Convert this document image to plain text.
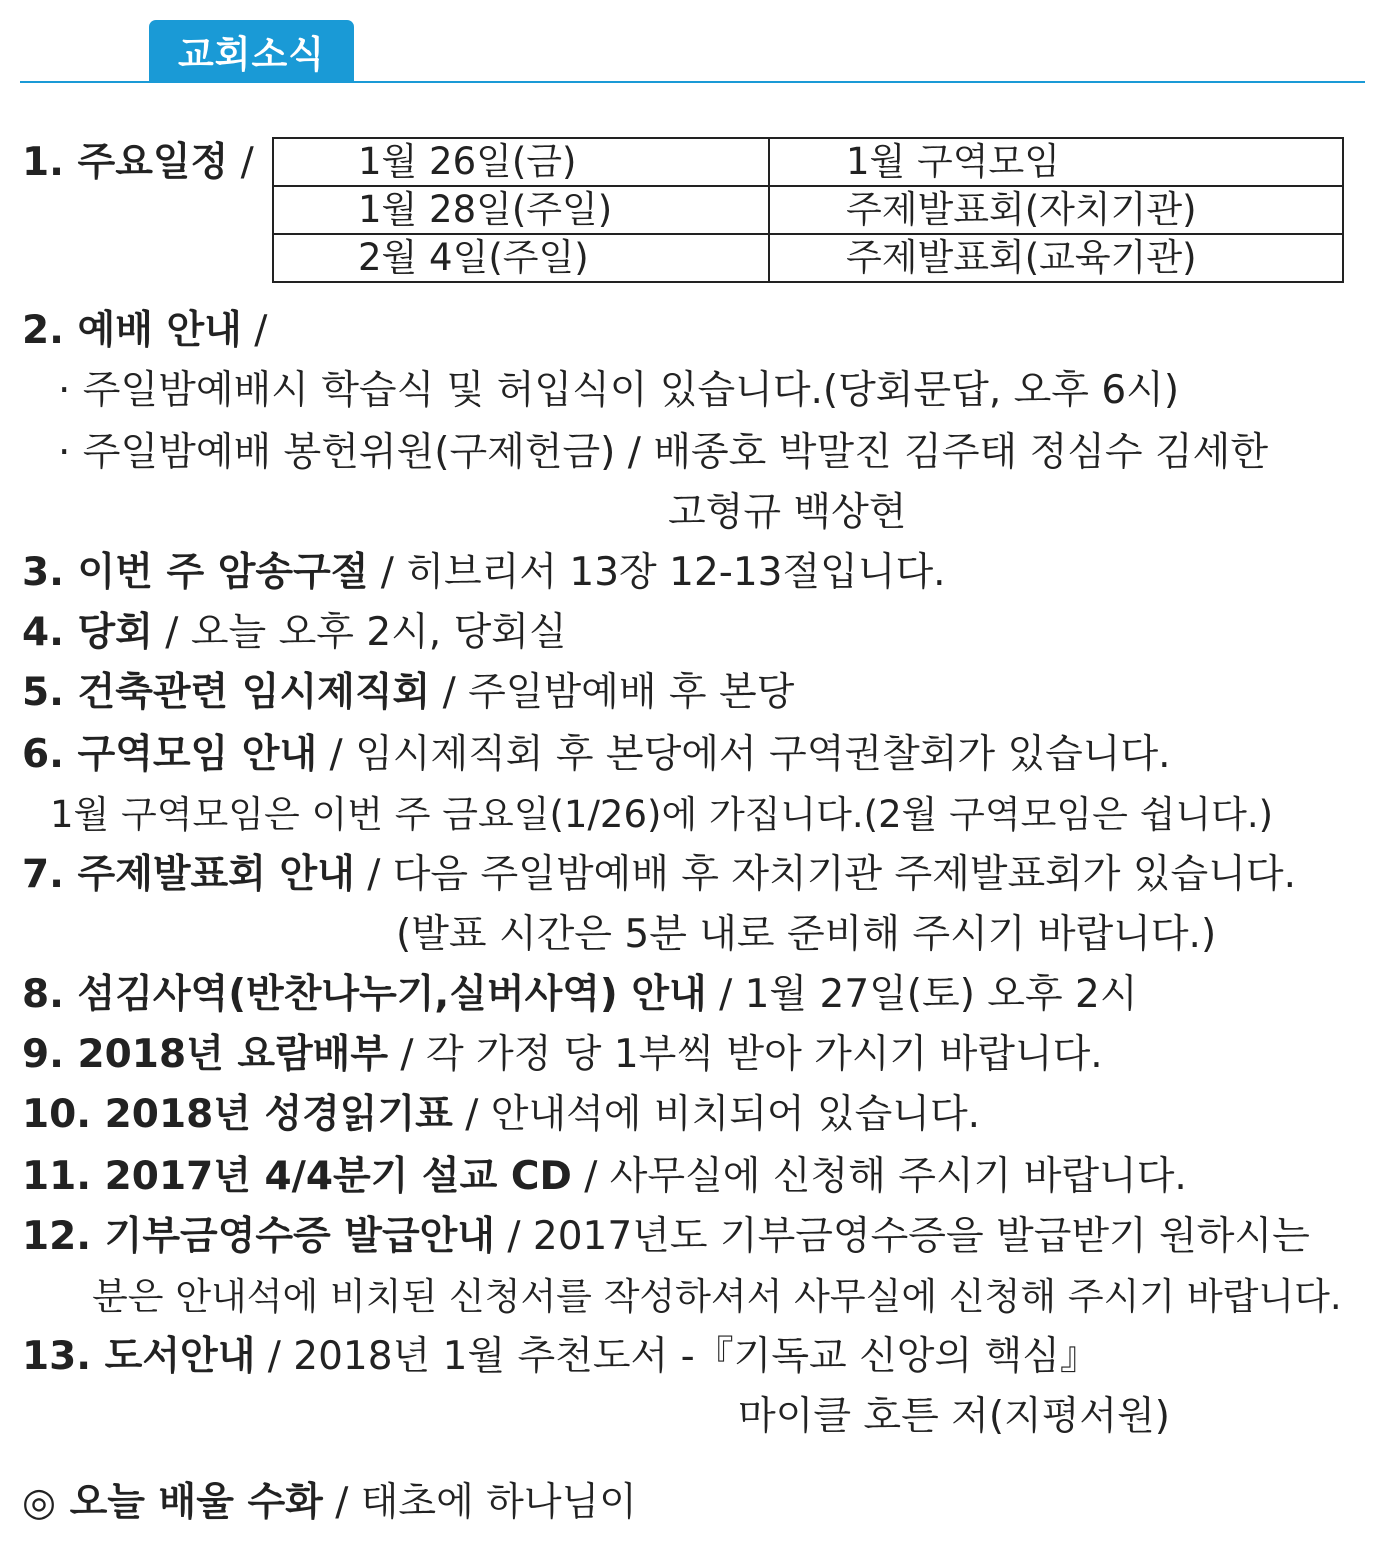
교회소식
1. 주요일정 /	1월 26일(금)	1월 구역모임
1월 28일(주일)	주제발표회(자치기관)
2월 4일(주일)	주제발표회(교육기관)
2. 예배 안내 /
· 주일밤예배시 학습식 및 허입식이 있습니다.(당회문답, 오후 6시)
· 주일밤예배 봉헌위원(구제헌금) / 배종호 박말진 김주태 정심수 김세한
고형규 백상현
3. 이번 주 암송구절 / 히브리서 13장 12-13절입니다.
4. 당회 / 오늘 오후 2시, 당회실
5. 건축관련 임시제직회 / 주일밤예배 후 본당
6. 구역모임 안내 / 임시제직회 후 본당에서 구역권찰회가 있습니다.
1월 구역모임은 이번 주 금요일(1/26)에 가집니다.(2월 구역모임은 쉽니다.)
7. 주제발표회 안내 / 다음 주일밤예배 후 자치기관 주제발표회가 있습니다.
(발표 시간은 5분 내로 준비해 주시기 바랍니다.)
8. 섬김사역(반찬나누기,실버사역) 안내 / 1월 27일(토) 오후 2시
9. 2018년 요람배부 / 각 가정 당 1부씩 받아 가시기 바랍니다.
10. 2018년 성경읽기표 / 안내석에 비치되어 있습니다.
11. 2017년 4/4분기 설교 CD / 사무실에 신청해 주시기 바랍니다.
12. 기부금영수증 발급안내 / 2017년도 기부금영수증을 발급받기 원하시는
분은 안내석에 비치된 신청서를 작성하셔서 사무실에 신청해 주시기 바랍니다.
13. 도서안내 / 2018년 1월 추천도서 -『기독교 신앙의 핵심』
마이클 호튼 저(지평서원)
◎ 오늘 배울 수화 / 태초에 하나님이
